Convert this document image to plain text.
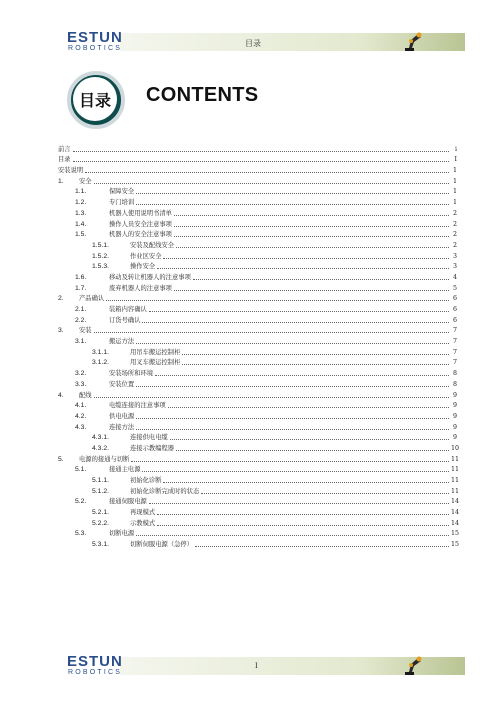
ESTUN
ROBOTICS
目录
目录	CONTENTS
前言	i
目录	I
安装说明	1
1.	安全	1
1.1.	保障安全	1
1.2.	专门培训	1
1.3.	机器人使用说明书清单	2
1.4.	操作人员安全注意事项	2
1.5.	机器人的安全注意事项	2
1.5.1.	安装及配线安全	2
1.5.2.	作业区安全	3
1.5.3.	操作安全	3
1.6.	移动及转让机器人的注意事项	4
1.7.	废弃机器人的注意事项	5
2.	产品确认	6
2.1.	装箱内容确认	6
2.2.	订货号确认	6
3.	安装	7
3.1.	搬运方法	7
3.1.1.	用吊车搬运控制柜	7
3.1.2.	用叉车搬运控制柜	7
3.2.	安装场所和环境	8
3.3.	安装位置	8
4.	配线	9
4.1.	电缆连接的注意事项	9
4.2.	供电电源	9
4.3.	连接方法	9
4.3.1.	连接供电电缆	9
4.3.2.	连接示教编程器	10
5.	电源的接通与切断	11
5.1.	接通主电源	11
5.1.1.	初始化诊断	11
5.1.2.	初始化诊断完成时的状态	11
5.2.	接通伺服电源	14
5.2.1.	再现模式	14
5.2.2.	示教模式	14
5.3.	切断电源	15
5.3.1.	切断伺服电源（急停）	15
ESTUN
ROBOTICS
I
